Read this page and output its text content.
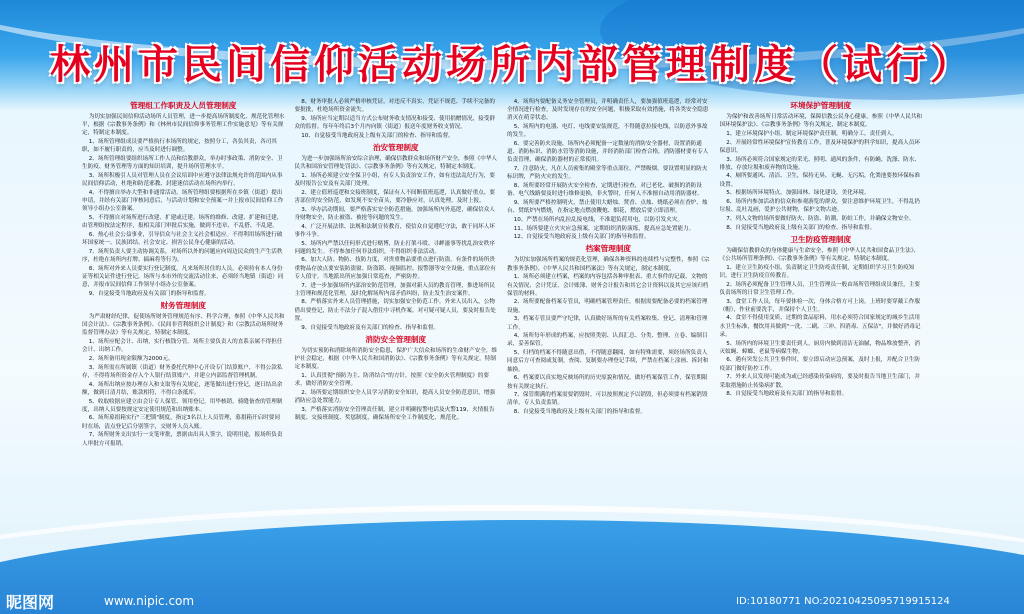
林州市民间信仰活动场所内部管理制度（试行）
管理组工作职责及人员管理制度

为切实加强民间信仰活动场所人员管理，进一步提高场所制度化、规范化管理水平，根据《宗教事务条例》和《林州市民间信仰事务管理工作实施意见》等有关规定，特制定本制度。

1、场所管理组成员要严格执行本场所的规定，按照分工，各负其责，各司其职，如不履行职责的，应当及时进行调整。

2、场所管理组要组织场所工作人员和信教群众，举办时事政策、消防安全、卫生防疫、财务管理等方面的知识培训，提升场所管理水平。

3、场所积极引人员对管理人员在会议培训中应遵守法律法规允许的范围内从事民间信仰活动，杜绝和防范邪教、封建迷信活动在场所内举行。

4、不得擅自举办大型和非通常活动。场所管理组要根据所在乡镇（街道）提出申请，并经有关部门审核同意后，与活动计划和安全预案一并上报市民间信仰工作领导小组办公室备案。

5、不得擅自对场所进行改建、扩建或迁建。场所的维修、改建、扩建和迁建，由管理组按法定程序，报相关部门审批后实施，做到不违章、不乱搭、不乱建。

6、热心社会公益事业，引导信众与社会主义社会相适应。不得利用场所进行破坏国家统一、民族团结、社会安定、损害公民身心健康的活动。

7、场所负责人要主动协调关系，对场所以外的问题应向周边民众的生产生活秩序，杜绝在场所内打牌、搞麻将等行为。

8、场所对外来人员要实行登记制度，凡来场所居住的人员，必须持有本人身份证等相关证件进行登记，场所与本市外的交流活动往来，必须经当地镇（街道）同意，并报市民间信仰工作领导小组办公室备案。

9、自觉接受当地政府及有关部门的指导和监督。

财务管理制度

为严肃财经纪律，促使场所财务管理规范有序、科学合理，参照《中华人民共和国会计法》、《宗教事务条例》、《民间非营利组织会计制度》和《宗教活动场所财务监督管理办法》等有关规定，特制定本制度。

1、场所应配会计、出纳，实行核钱分管。场所主要负责人的直系亲属不得担任会计、出纳工作。

2、场所备用现金限额为2000元。

3、场所需在所属镇（街道）财务委托代理中心开设专门结算账户，不得公款私存，不得将场所资金存入个人银行结算账户，并建立内部监督管理机制。

4、场所出纳应按办理存入和支取等有关规定，逐笔做出进行登记，逐日结出余额，做到日清月结，账款相符，不得白条抵库。

5、收取收据应建立由会计专人保管、领用登记，用毕核销，骑缝备查的管理制度，出纳人员要按规定安定使用规范和出纳账本。

6、场所募捐箱实行"三把锁"制度，指定3名以上人员管理，募捐箱开启时要同时在场，清点登记后分别签字，交财务人员入账。

7、场所财务支出实行一支笔审批，票据由出具人签字，说明用途，报场所负责人审批方可报销。

8、财务审批人必须严格审核凭证，对违反不真实、凭证不规范、手续不完备的要批批，杜绝场所资金流失。

9、场所应当定期以适当方式公布财务收支情况和接受、使用捐赠情况，接受群众的监督。每年年终后3个月内向镇（街道）报送年度财务收支情况。

10、自觉接受当地政府及上级有关部门的检查、指导和监督。

治安管理制度

为进一步加强场所治安综合治理，确保信教群众和场所财产安全，参照《中华人民共和国治安管理处罚法》、《宗教事务条例》等有关规定，特制定本制度。

1、场所必须建立安全保卫小组，有专人负责治安工作，如有违法乱纪行为，要及时报告公安及有关部门处理。

2、建立值班巡逻和交接班制度，保证有人不间断值班巡逻，认真做好重点、要害部位的安全防范，如发现不安全苗头，要冷静应对，认真处理，及时上报。

3、举办活动期间，要严格落实安全防范措施，加强场所内外巡逻，确保信众人身财物安全，防止被盗、被抢等问题的发生。

4、广泛开展法律、法规和法制宣传教育，使信众自觉遵纪守法，敢于同坏人坏事作斗争。

5、场所内严禁以任何形式进行赌博，防止打架斗殴、寻衅滋事等扰乱治安秩序问题的发生。不得参加任何非法组织，不得组织非法活动。

6、加大人防、物防、技防力度，对贵重物品要重点进行防盗。有条件的场所贵重物品存放点要安装防盗窗、防盗锁、视频监控、报警器等安全设施，重点部位有专人值守。当地派出所应加强日常巡查，严密防控。

7、进一步加强场所内部治安防范管理，加强对新人员的教育管理，推进场所民主管理和规范化管理，及时化解场所内部矛盾纠纷，防止发生治安案件。

8、严格落实外来人员管理措施，切实加强安全防范工作。外来人员出入，公物借出要登记，防止不法分子混入借住中寻机作案。对可疑可疑人员，要及时报告处置。

9、自觉接受当地政府及有关部门的检查、指导和监督。

消防安全管理制度

为切实预防和消除场所消防安全隐患，保护广大信众和场所的生命财产安全，维护社会稳定，根据《中华人民共和国消防法》、《宗教事务条例》等有关规定，特制定本制度。

1、认真贯彻"预防为主、防消结合"的方针，按照《安全防火管理制度》的要求，做好消防安全管理。

2、场所要定期组织安全人员学习消防安全知识，提高人员安全防范意识，增强消防应急处置能力。

3、严格落实消防安全管理责任制，建立并明确报警电话及火警119、火情报告制度、交接班制度、奖惩制度，确保场所安全工作制度化、规范化。

4、场所内要配备义务安全管理员，并明确责任人，要加强值班巡逻，经常对安全情况进行检查，及时发现存在的安全问题，积极采取有效措施，将各类安全隐患消灭在萌芽状态。

5、场所内的电器、电灯、电线要安装规范，不得随意拉接电线，以防意外事故的发生。

6、要完善防火设施，场所内必须配备一定数量的消防安全器材，设置消防通道、消防标识、消防水管等消防设施，并经消防部门检查合格，消防器材要有专人负责管理，确保消防器材的正常使用。

7、注意防火，凡在人员密集的殿堂等重点部位，严禁吸烟。要设置明显的防火标识牌，严防火灾的发生。

8、场所要经常开展防火安全检查，定期进行检查，对已老化、破损的消防设备、电气线路要及时进行维修更换，非火警时，任何人不准擅自动用消防器材。

9、场所要严格控制明火，禁止使用大蜡烛、焚香、点烛、烧纸必须在香炉、烛台、焚纸炉内燃烧，在指定地点燃放鞭炮、烟花，燃放后要立即清理。

10、严禁在场所内乱拉乱接电线，不准超负荷用电，以防引发火灾。

11、场所要建立火灾应急预案，定期组织消防演练，提高应急处置能力。

12、自觉接受当地政府及上级有关部门的指导和监督。

档案管理制度

为切实加强场所档案的规范化管理，确保各种资料的连续性与完整性，参照《宗教事务条例》、《中华人民共和国档案法》等有关规定，制定本制度。

1、场所必须建立档案，档案的内容包括各种审批表、重大事件的记载、文物的有关情况、会计凭证、会计账簿、财务会计报告和其它会计资料以及其它应该归档保管的材料。

2、场所要配备档案专管员，明确档案管理责任。根据需要配备必要的档案管理设施。

3、档案专管员要严守纪律，认真做好场所的有关档案收集、登记、清理和管理工作。

4、场所每年形成的档案，应按照类别、认真汇总、分类、整理、立卷、编制目录，妥善保管。

5、归档的档案不得随意出借，不得随意翻阅，如有特殊需要，须经场所负责人同意后方可查阅或复制，查阅、复制要办理登记手续，严禁在档案上涂画、拆封和抽换。

6、档案要以真实地反映场所的历史原貌和情况，做好档案保管工作，保管期限按有关规定执行。

7、保管期满的档案需要销毁时，可以按照规定予以销毁，但必须要有档案销毁清单，专人负责监销。

8、自觉接受当地政府及上级有关部门的指导和监督。

环境保护管理制度

为保护和改善场所日常活动环境，保障信教公民身心健康，参照《中华人民共和国环境保护法》、《宗教事务条例》等有关规定，制定本制度。

1、建立环境保护小组，制定环境保护责任制，明确分工，责任到人。

2、开展经常性环境保护宣传教育工作，普及环境保护的科学知识，提高人员环保意识。

3、场所必须符合国家规定的采光、照明、通风的条件，有防蝇、洗涤、防水、排放、存放垃圾和废弃物的设施。

4、厕所要通风、清洁、卫生，保持无臭、无蝇、无污垢，化粪池要按环保标准设置。

5、根据场所环境特点，加强园林、绿化建设，美化环境。

6、场所内参加活动的信众和参观游览的群众，要注意维护环境卫生，不得乱扔垃圾、乱吐乱画，爱护公共财物，保护文物古迹。

7、列入文物的场所要做好防火、防盗、防潮、防蛀工作，并确保文物安全。

8、自觉接受当地政府及上级有关部门的检查、指导和监督。

卫生防疫管理制度

为确保信教群众的身体健康与生命安全，参照《中华人民共和国食品卫生法》、《公共场所管理条例》、《宗教事务条例》等有关规定，特制定本制度。

1、建立卫生防疫小组，负责制定卫生防疫责任制，定期组织学习卫生防疫知识，进行卫生防疫宣传教育。

2、场所必须配备卫生管理人员，卫生管理员一般由场所管理组成员兼任，主要负责场所的日常卫生管理工作。

3、食堂工作人员，每年要体检一次，身体合格方可上岗。上班时要穿戴工作服（帽），作业前要洗手，并保持个人卫生。

4、食堂不得使用变质、过期的食品原料，用水必须符合国家规定的城乡生活用水卫生标准，餐饮用具做到"一洗、二刷、三冲、四消毒、五保洁"，并做好消毒记录。

5、场所内的环境卫生要责任到人，厨房内做到清洁无油腻，物品堆放整齐，消灭蚊蝇、蟑螂、老鼠等病媒生物。

6、遇有突发公共卫生事件时，要立即启动应急预案，及时上报，并配合卫生防疫部门做好防控工作。

7、外来人员发现可能成为或已经感染传染病的，要及时报告当地卫生部门，并采取措施防止传染病扩散。

8、自觉接受当地政府及有关部门的指导和监督。

昵图网	www.nipic.com	ID:10180771 NO:20210425095719915124
